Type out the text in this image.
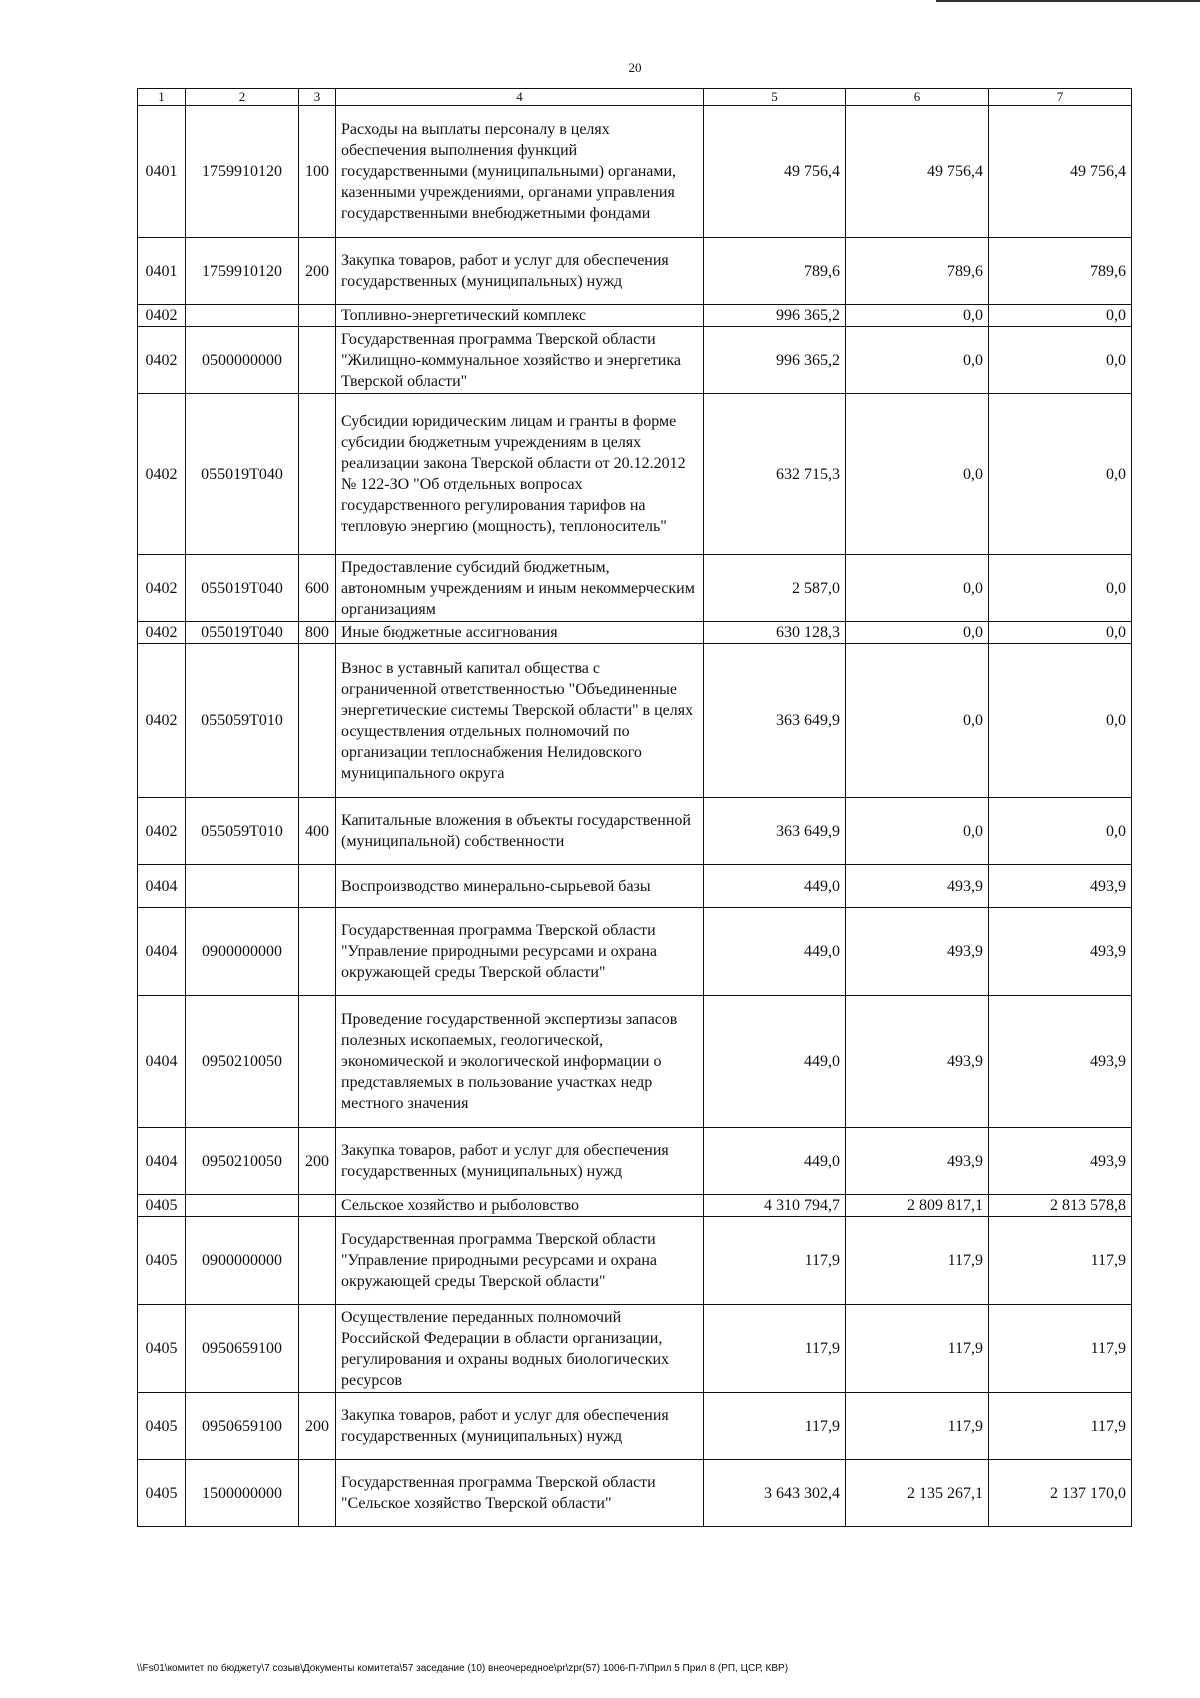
20
1	2	3	4	5	6	7
0401	1759910120	100	Расходы на выплаты персоналу в целях обеспечения выполнения функций государственными (муниципальными) органами, казенными учреждениями, органами управления государственными внебюджетными фондами	49 756,4	49 756,4	49 756,4
0401	1759910120	200	Закупка товаров, работ и услуг для обеспечения государственных (муниципальных) нужд	789,6	789,6	789,6
0402			Топливно-энергетический комплекс	996 365,2	0,0	0,0
0402	0500000000		Государственная программа Тверской области "Жилищно-коммунальное хозяйство и энергетика Тверской области"	996 365,2	0,0	0,0
0402	055019Т040		Субсидии юридическим лицам и гранты в форме субсидии бюджетным учреждениям в целях реализации закона Тверской области от 20.12.2012 № 122-ЗО "Об отдельных вопросах государственного регулирования тарифов на тепловую энергию (мощность), теплоноситель"	632 715,3	0,0	0,0
0402	055019Т040	600	Предоставление субсидий бюджетным, автономным учреждениям и иным некоммерческим организациям	2 587,0	0,0	0,0
0402	055019Т040	800	Иные бюджетные ассигнования	630 128,3	0,0	0,0
0402	055059Т010		Взнос в уставный капитал общества с ограниченной ответственностью "Объединенные энергетические системы Тверской области" в целях осуществления отдельных полномочий по организации теплоснабжения Нелидовского муниципального округа	363 649,9	0,0	0,0
0402	055059Т010	400	Капитальные вложения в объекты государственной (муниципальной) собственности	363 649,9	0,0	0,0
0404			Воспроизводство минерально-сырьевой базы	449,0	493,9	493,9
0404	0900000000		Государственная программа Тверской области "Управление природными ресурсами и охрана окружающей среды Тверской области"	449,0	493,9	493,9
0404	0950210050		Проведение государственной экспертизы запасов полезных ископаемых, геологической, экономической и экологической информации о представляемых в пользование участках недр местного значения	449,0	493,9	493,9
0404	0950210050	200	Закупка товаров, работ и услуг для обеспечения государственных (муниципальных) нужд	449,0	493,9	493,9
0405			Сельское хозяйство и рыболовство	4 310 794,7	2 809 817,1	2 813 578,8
0405	0900000000		Государственная программа Тверской области "Управление природными ресурсами и охрана окружающей среды Тверской области"	117,9	117,9	117,9
0405	0950659100		Осуществление переданных полномочий Российской Федерации в области организации, регулирования и охраны водных биологических ресурсов	117,9	117,9	117,9
0405	0950659100	200	Закупка товаров, работ и услуг для обеспечения государственных (муниципальных) нужд	117,9	117,9	117,9
0405	1500000000		Государственная программа Тверской области "Сельское хозяйство Тверской области"	3 643 302,4	2 135 267,1	2 137 170,0
\\Fs01\комитет по бюджету\7 созыв\Документы комитета\57 заседание (10) внеочередное\pr\zpr(57) 1006-П-7\Прил 5 Прил 8 (РП, ЦСР, КВР)
